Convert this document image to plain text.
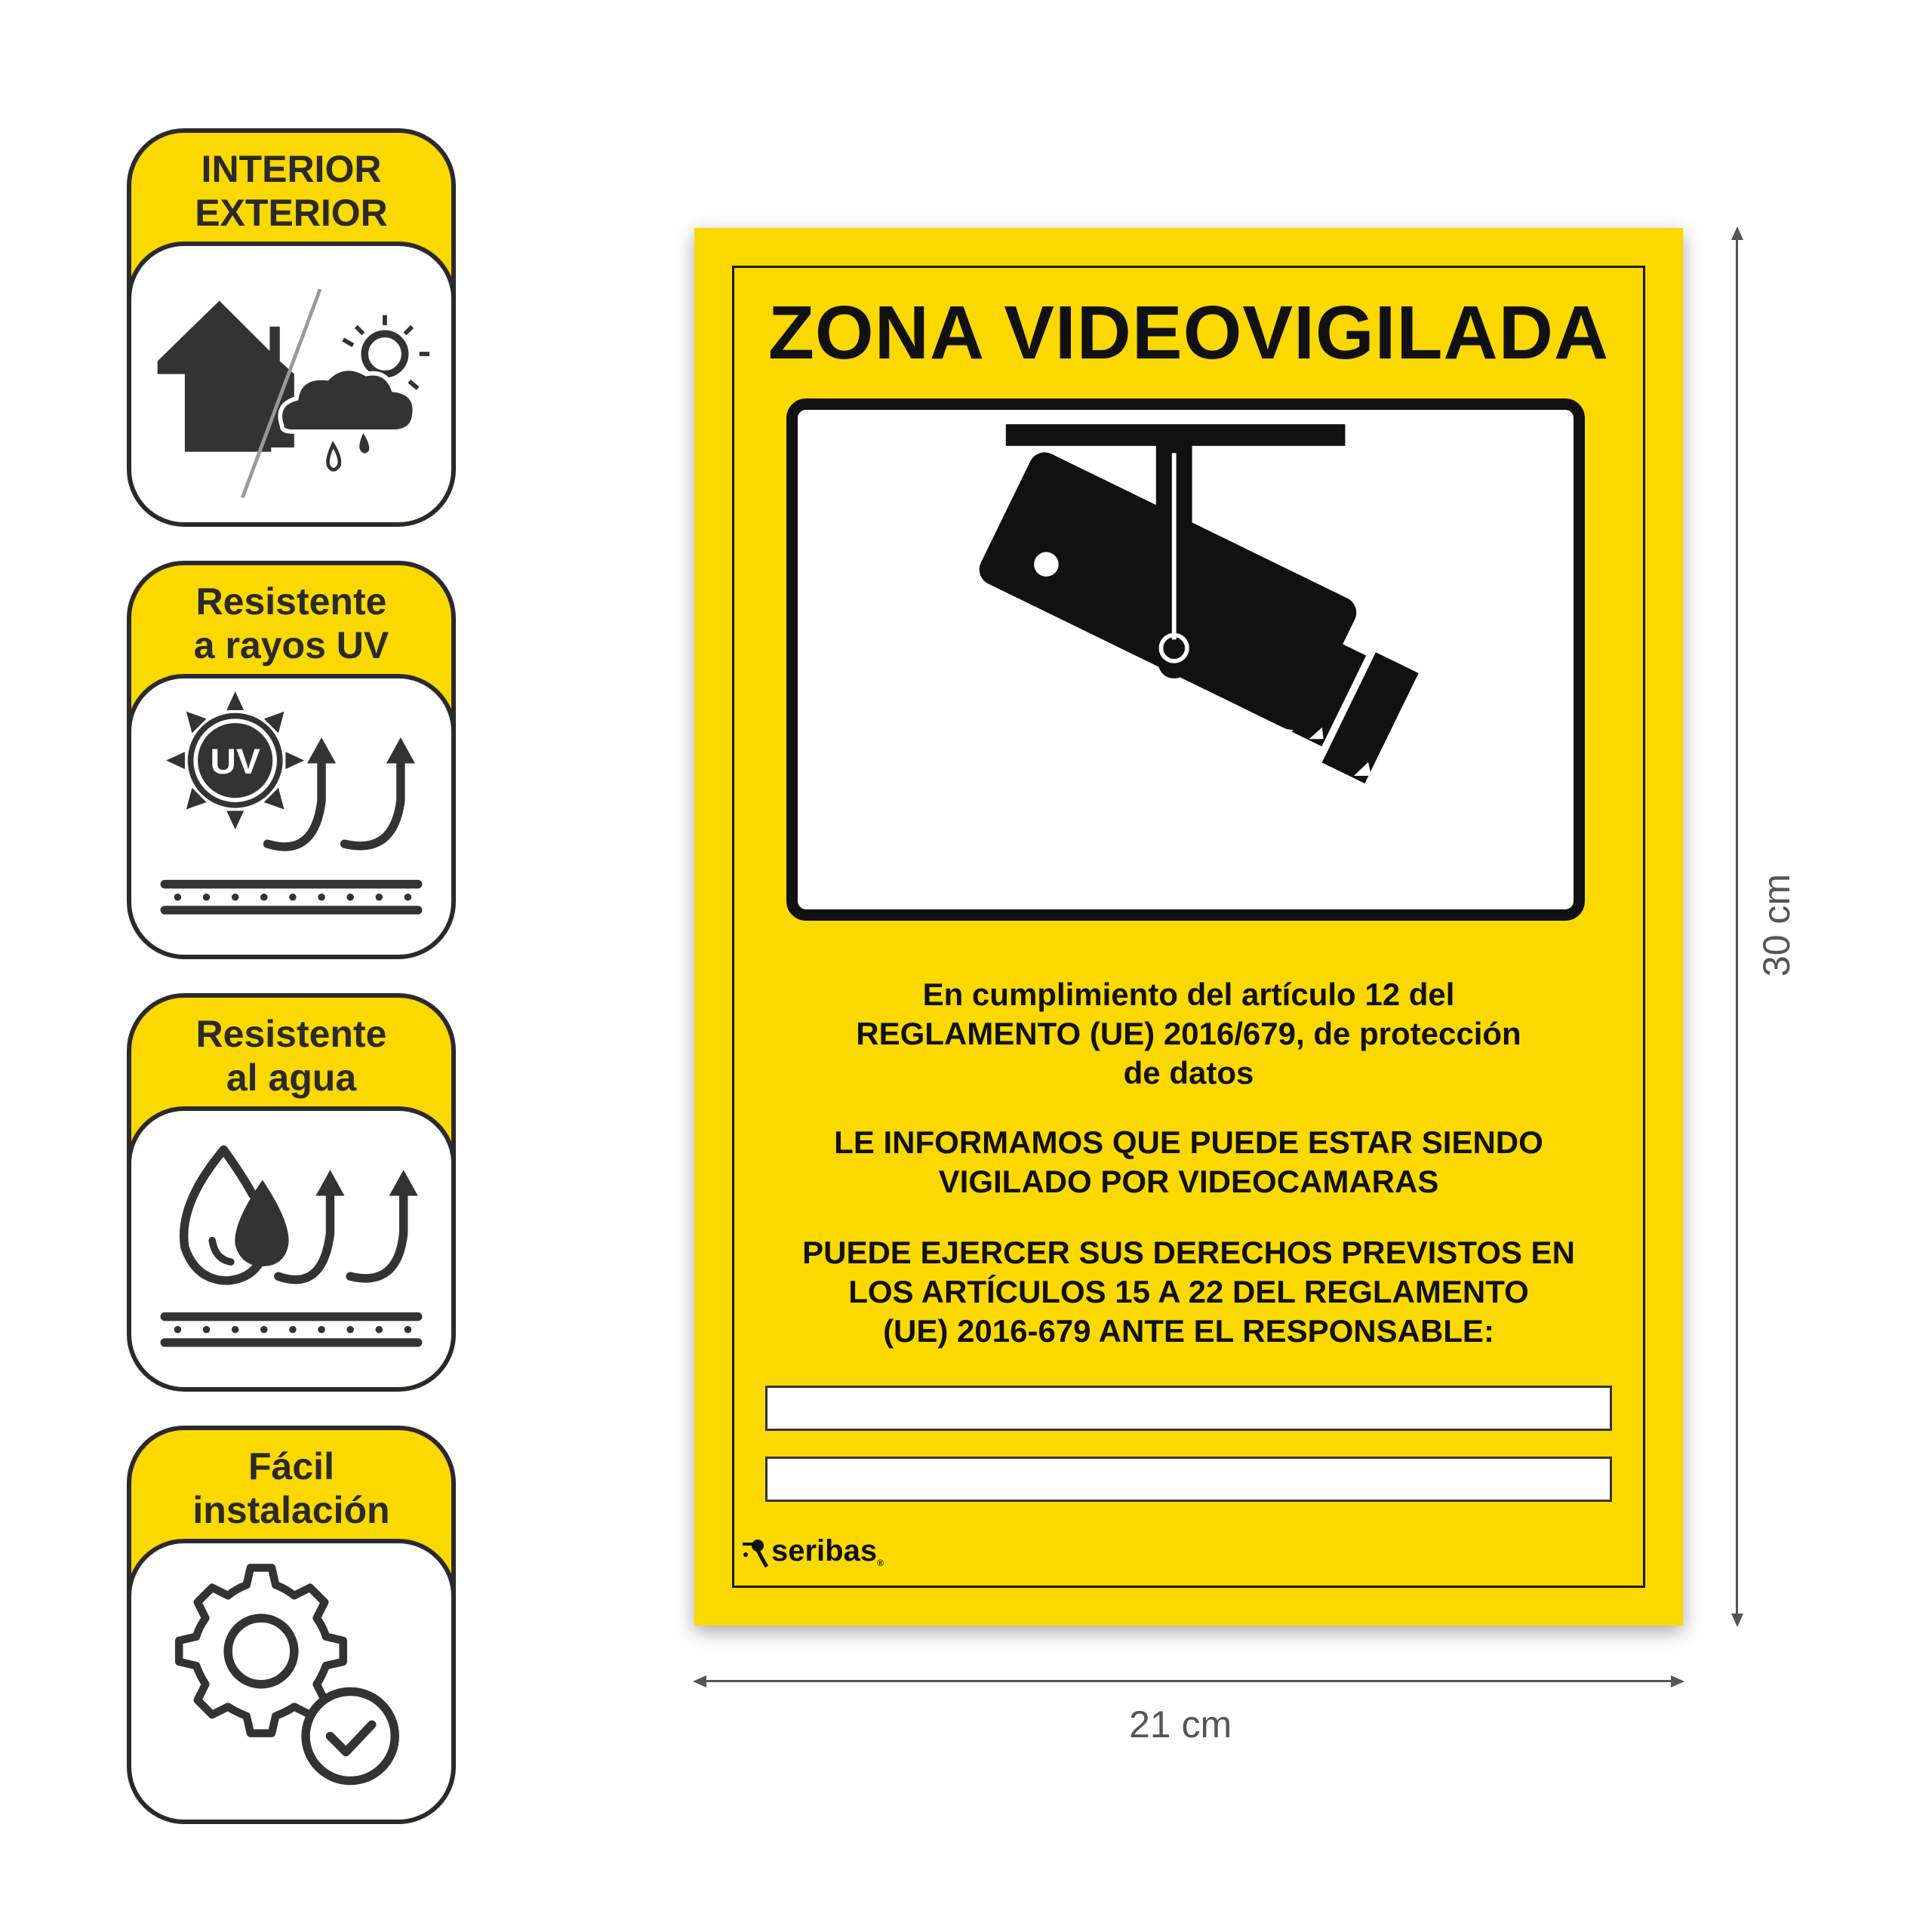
INTERIOR
EXTERIOR
Resistente
a rayos UV
UV
Resistente
al agua
Fácil
instalación
ZONA VIDEOVIGILADA
En cumplimiento del artículo 12 del
REGLAMENTO (UE) 2016/679, de protección
de datos
LE INFORMAMOS QUE PUEDE ESTAR SIENDO
VIGILADO POR VIDEOCAMARAS
PUEDE EJERCER SUS DERECHOS PREVISTOS EN
LOS ARTÍCULOS 15 A 22 DEL REGLAMENTO
(UE) 2016-679 ANTE EL RESPONSABLE:
seribas$_®$
21 cm
30 cm
